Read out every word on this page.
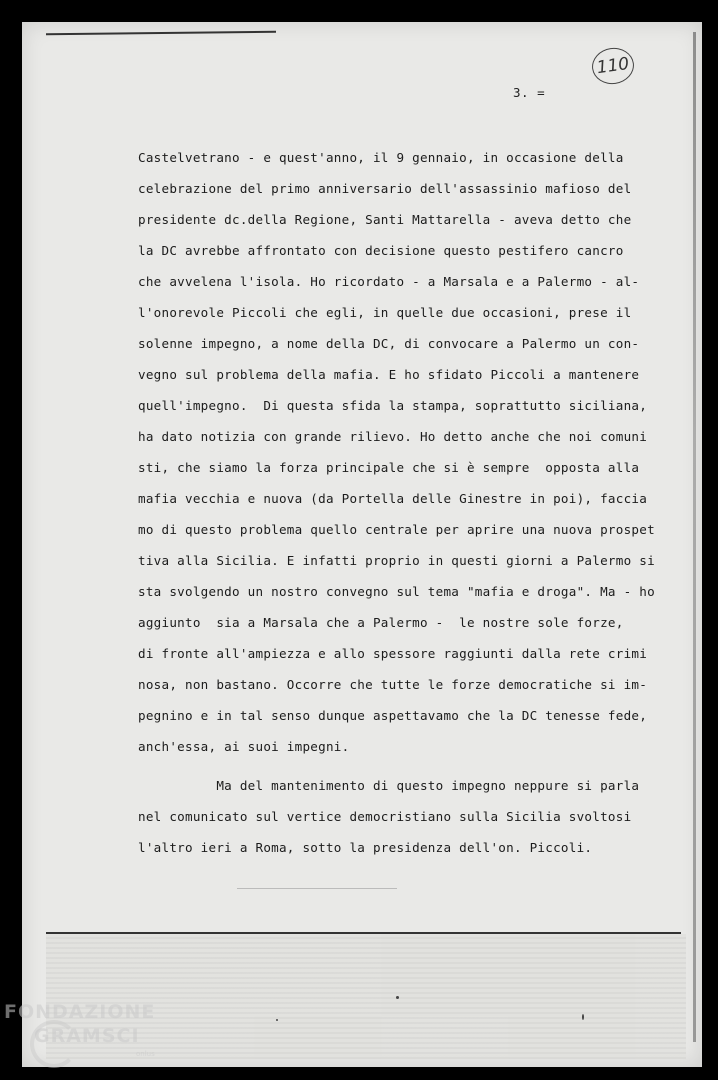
110
3. =
Castelvetrano - e quest'anno, il 9 gennaio, in occasione della
celebrazione del primo anniversario dell'assassinio mafioso del
presidente dc.della Regione, Santi Mattarella - aveva detto che
la DC avrebbe affrontato con decisione questo pestifero cancro
che avvelena l'isola. Ho ricordato - a Marsala e a Palermo - al-
l'onorevole Piccoli che egli, in quelle due occasioni, prese il
solenne impegno, a nome della DC, di convocare a Palermo un con-
vegno sul problema della mafia. E ho sfidato Piccoli a mantenere
quell'impegno.  Di questa sfida la stampa, soprattutto siciliana,
ha dato notizia con grande rilievo. Ho detto anche che noi comuni
sti, che siamo la forza principale che si è sempre  opposta alla
mafia vecchia e nuova (da Portella delle Ginestre in poi), faccia
mo di questo problema quello centrale per aprire una nuova prospet
tiva alla Sicilia. E infatti proprio in questi giorni a Palermo si
sta svolgendo un nostro convegno sul tema "mafia e droga". Ma - ho
aggiunto  sia a Marsala che a Palermo -  le nostre sole forze,
di fronte all'ampiezza e allo spessore raggiunti dalla rete crimi
nosa, non bastano. Occorre che tutte le forze democratiche si im-
pegnino e in tal senso dunque aspettavamo che la DC tenesse fede,
anch'essa, ai suoi impegni.
Ma del mantenimento di questo impegno neppure si parla
nel comunicato sul vertice democristiano sulla Sicilia svoltosi
l'altro ieri a Roma, sotto la presidenza dell'on. Piccoli.
FONDAZIONE
GRAMSCI
onlus
